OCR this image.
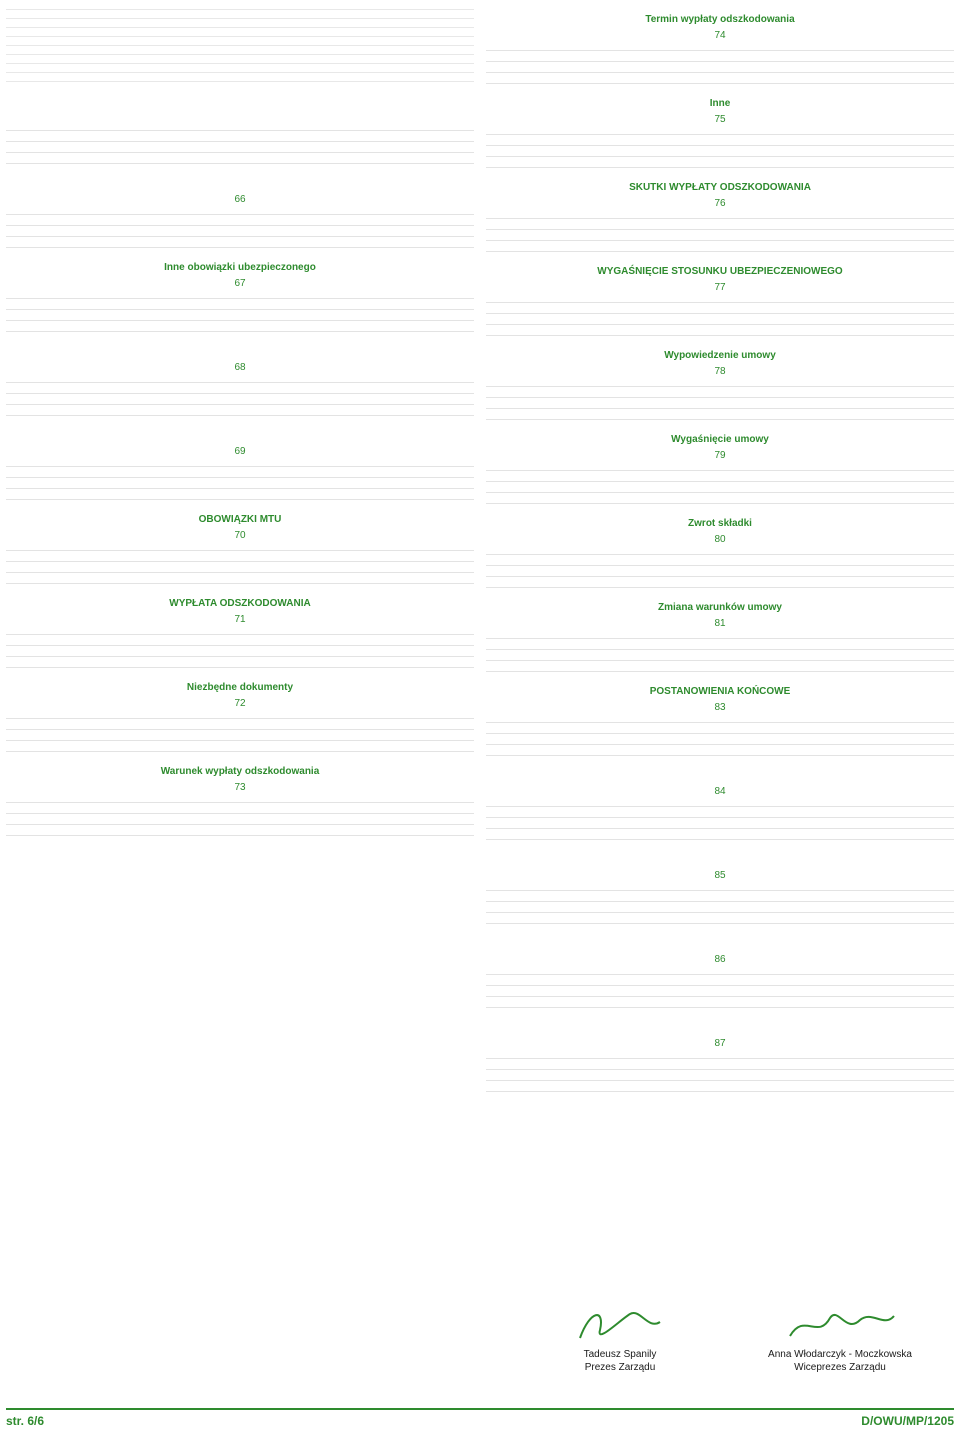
66
Inne obowiązki ubezpieczonego
67
68
69
OBOWIĄZKI MTU
70
WYPŁATA ODSZKODOWANIA
71
Niezbędne dokumenty
72
Warunek wypłaty odszkodowania
73
Termin wypłaty odszkodowania
74
Inne
75
SKUTKI WYPŁATY ODSZKODOWANIA
76
WYGAŚNIĘCIE STOSUNKU UBEZPIECZENIOWEGO
77
Wypowiedzenie umowy
78
Wygaśnięcie umowy
79
Zwrot składki
80
Zmiana warunków umowy
81
POSTANOWIENIA KOŃCOWE
83
84
85
86
87
Tadeusz Spanily
Prezes Zarządu
Anna Włodarczyk - Moczkowska
Wiceprezes Zarządu
str. 6/6	D/OWU/MP/1205
